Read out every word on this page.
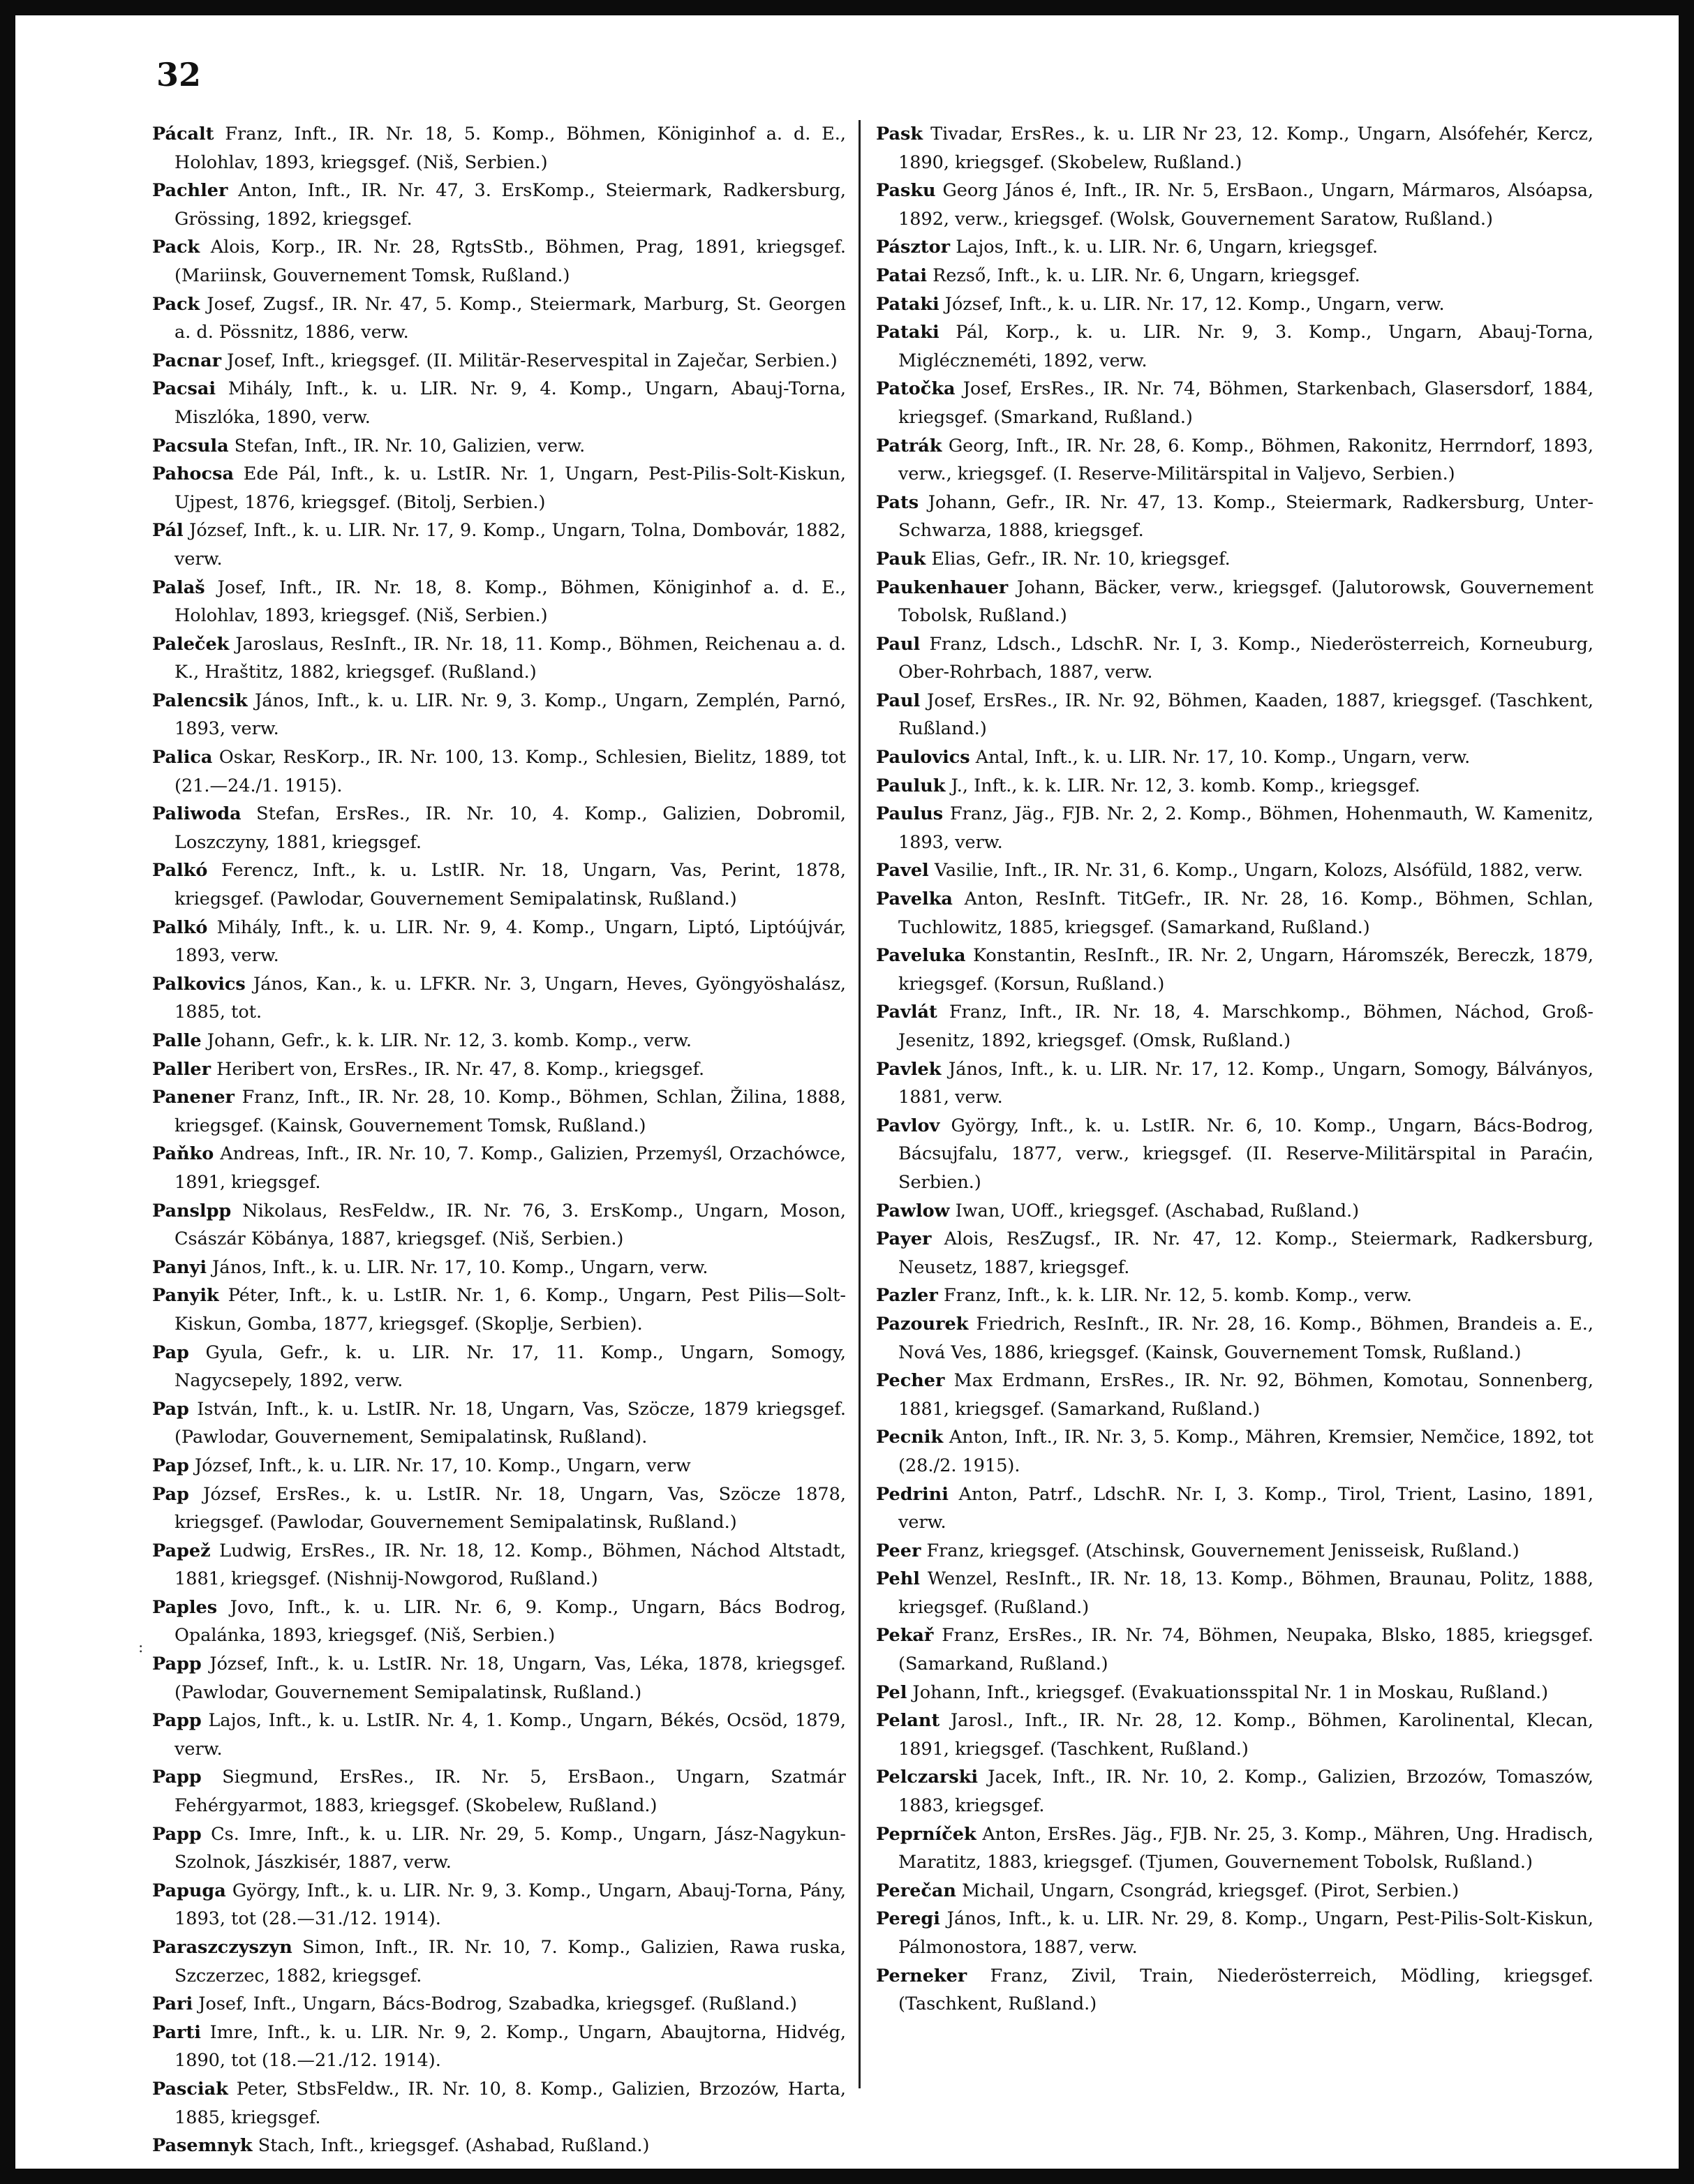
32
:

Pácalt Franz, Inft., IR. Nr. 18, 5. Komp., Böhmen, Königinhof a. d. E., Holohlav, 1893, kriegsgef. (Niš, Serbien.)

Pachler Anton, Inft., IR. Nr. 47, 3. ErsKomp., Steiermark, Radkersburg, Grössing, 1892, kriegsgef.

Pack Alois, Korp., IR. Nr. 28, RgtsStb., Böhmen, Prag, 1891, kriegsgef. (Mariinsk, Gouvernement Tomsk, Rußland.)

Pack Josef, Zugsf., IR. Nr. 47, 5. Komp., Steiermark, Marburg, St. Georgen a. d. Pössnitz, 1886, verw.

Pacnar Josef, Inft., kriegsgef. (II. Militär-Reservespital in Zaječar, Serbien.)

Pacsai Mihály, Inft., k. u. LIR. Nr. 9, 4. Komp., Ungarn, Abauj-Torna, Miszlóka, 1890, verw.

Pacsula Stefan, Inft., IR. Nr. 10, Galizien, verw.

Pahocsa Ede Pál, Inft., k. u. LstIR. Nr. 1, Ungarn, Pest-Pilis-Solt-Kiskun, Ujpest, 1876, kriegsgef. (Bitolj, Serbien.)

Pál József, Inft., k. u. LIR. Nr. 17, 9. Komp., Ungarn, Tolna, Dombovár, 1882, verw.

Palaš Josef, Inft., IR. Nr. 18, 8. Komp., Böhmen, Königinhof a. d. E., Holohlav, 1893, kriegsgef. (Niš, Serbien.)

Paleček Jaroslaus, ResInft., IR. Nr. 18, 11. Komp., Böhmen, Reichenau a. d. K., Hraštitz, 1882, kriegsgef. (Rußland.)

Palencsik János, Inft., k. u. LIR. Nr. 9, 3. Komp., Ungarn, Zemplén, Parnó, 1893, verw.

Palica Oskar, ResKorp., IR. Nr. 100, 13. Komp., Schlesien, Bielitz, 1889, tot (21.—24./1. 1915).

Paliwoda Stefan, ErsRes., IR. Nr. 10, 4. Komp., Galizien, Dobromil, Loszczyny, 1881, kriegsgef.

Palkó Ferencz, Inft., k. u. LstIR. Nr. 18, Ungarn, Vas, Perint, 1878, kriegsgef. (Pawlodar, Gouvernement Semipalatinsk, Rußland.)

Palkó Mihály, Inft., k. u. LIR. Nr. 9, 4. Komp., Ungarn, Liptó, Liptóújvár, 1893, verw.

Palkovics János, Kan., k. u. LFKR. Nr. 3, Ungarn, Heves, Gyöngyöshalász, 1885, tot.

Palle Johann, Gefr., k. k. LIR. Nr. 12, 3. komb. Komp., verw.

Paller Heribert von, ErsRes., IR. Nr. 47, 8. Komp., kriegsgef.

Panener Franz, Inft., IR. Nr. 28, 10. Komp., Böhmen, Schlan, Žilina, 1888, kriegsgef. (Kainsk, Gouvernement Tomsk, Rußland.)

Paňko Andreas, Inft., IR. Nr. 10, 7. Komp., Galizien, Przemyśl, Orzachówce, 1891, kriegsgef.

Panslpp Nikolaus, ResFeldw., IR. Nr. 76, 3. ErsKomp., Ungarn, Moson, Császár Köbánya, 1887, kriegsgef. (Niš, Serbien.)

Panyi János, Inft., k. u. LIR. Nr. 17, 10. Komp., Ungarn, verw.

Panyik Péter, Inft., k. u. LstIR. Nr. 1, 6. Komp., Ungarn, Pest Pilis—Solt-Kiskun, Gomba, 1877, kriegsgef. (Skoplje, Serbien).

Pap Gyula, Gefr., k. u. LIR. Nr. 17, 11. Komp., Ungarn, Somogy, Nagycsepely, 1892, verw.

Pap István, Inft., k. u. LstIR. Nr. 18, Ungarn, Vas, Szöcze, 1879 kriegsgef. (Pawlodar, Gouvernement, Semipalatinsk, Rußland).

Pap József, Inft., k. u. LIR. Nr. 17, 10. Komp., Ungarn, verw

Pap József, ErsRes., k. u. LstIR. Nr. 18, Ungarn, Vas, Szöcze 1878, kriegsgef. (Pawlodar, Gouvernement Semipalatinsk, Rußland.)

Papež Ludwig, ErsRes., IR. Nr. 18, 12. Komp., Böhmen, Náchod Altstadt, 1881, kriegsgef. (Nishnij-Nowgorod, Rußland.)

Paples Jovo, Inft., k. u. LIR. Nr. 6, 9. Komp., Ungarn, Bács Bodrog, Opalánka, 1893, kriegsgef. (Niš, Serbien.)

Papp József, Inft., k. u. LstIR. Nr. 18, Ungarn, Vas, Léka, 1878, kriegsgef. (Pawlodar, Gouvernement Semipalatinsk, Rußland.)

Papp Lajos, Inft., k. u. LstIR. Nr. 4, 1. Komp., Ungarn, Békés, Ocsöd, 1879, verw.

Papp Siegmund, ErsRes., IR. Nr. 5, ErsBaon., Ungarn, Szatmár Fehérgyarmot, 1883, kriegsgef. (Skobelew, Rußland.)

Papp Cs. Imre, Inft., k. u. LIR. Nr. 29, 5. Komp., Ungarn, Jász-Nagykun-Szolnok, Jászkisér, 1887, verw.

Papuga György, Inft., k. u. LIR. Nr. 9, 3. Komp., Ungarn, Abauj-Torna, Pány, 1893, tot (28.—31./12. 1914).

Paraszczyszyn Simon, Inft., IR. Nr. 10, 7. Komp., Galizien, Rawa ruska, Szczerzec, 1882, kriegsgef.

Pari Josef, Inft., Ungarn, Bács-Bodrog, Szabadka, kriegsgef. (Rußland.)

Parti Imre, Inft., k. u. LIR. Nr. 9, 2. Komp., Ungarn, Abaujtorna, Hidvég, 1890, tot (18.—21./12. 1914).

Pasciak Peter, StbsFeldw., IR. Nr. 10, 8. Komp., Galizien, Brzozów, Harta, 1885, kriegsgef.

Pasemnyk Stach, Inft., kriegsgef. (Ashabad, Rußland.)

Pask Tivadar, ErsRes., k. u. LIR Nr 23, 12. Komp., Ungarn, Alsófehér, Kercz, 1890, kriegsgef. (Skobelew, Rußland.)

Pasku Georg János é, Inft., IR. Nr. 5, ErsBaon., Ungarn, Mármaros, Alsóapsa, 1892, verw., kriegsgef. (Wolsk, Gouvernement Saratow, Rußland.)

Pásztor Lajos, Inft., k. u. LIR. Nr. 6, Ungarn, kriegsgef.

Patai Rezső, Inft., k. u. LIR. Nr. 6, Ungarn, kriegsgef.

Pataki József, Inft., k. u. LIR. Nr. 17, 12. Komp., Ungarn, verw.

Pataki Pál, Korp., k. u. LIR. Nr. 9, 3. Komp., Ungarn, Abauj-Torna, Migléczneméti, 1892, verw.

Patočka Josef, ErsRes., IR. Nr. 74, Böhmen, Starkenbach, Glasersdorf, 1884, kriegsgef. (Smarkand, Rußland.)

Patrák Georg, Inft., IR. Nr. 28, 6. Komp., Böhmen, Rakonitz, Herrndorf, 1893, verw., kriegsgef. (I. Reserve-Militärspital in Valjevo, Serbien.)

Pats Johann, Gefr., IR. Nr. 47, 13. Komp., Steiermark, Radkersburg, Unter-Schwarza, 1888, kriegsgef.

Pauk Elias, Gefr., IR. Nr. 10, kriegsgef.

Paukenhauer Johann, Bäcker, verw., kriegsgef. (Jalutorowsk, Gouvernement Tobolsk, Rußland.)

Paul Franz, Ldsch., LdschR. Nr. I, 3. Komp., Niederösterreich, Korneuburg, Ober-Rohrbach, 1887, verw.

Paul Josef, ErsRes., IR. Nr. 92, Böhmen, Kaaden, 1887, kriegsgef. (Taschkent, Rußland.)

Paulovics Antal, Inft., k. u. LIR. Nr. 17, 10. Komp., Ungarn, verw.

Pauluk J., Inft., k. k. LIR. Nr. 12, 3. komb. Komp., kriegsgef.

Paulus Franz, Jäg., FJB. Nr. 2, 2. Komp., Böhmen, Hohenmauth, W. Kamenitz, 1893, verw.

Pavel Vasilie, Inft., IR. Nr. 31, 6. Komp., Ungarn, Kolozs, Alsófüld, 1882, verw.

Pavelka Anton, ResInft. TitGefr., IR. Nr. 28, 16. Komp., Böhmen, Schlan, Tuchlowitz, 1885, kriegsgef. (Samarkand, Rußland.)

Paveluka Konstantin, ResInft., IR. Nr. 2, Ungarn, Háromszék, Bereczk, 1879, kriegsgef. (Korsun, Rußland.)

Pavlát Franz, Inft., IR. Nr. 18, 4. Marschkomp., Böhmen, Náchod, Groß-Jesenitz, 1892, kriegsgef. (Omsk, Rußland.)

Pavlek János, Inft., k. u. LIR. Nr. 17, 12. Komp., Ungarn, Somogy, Bálványos, 1881, verw.

Pavlov György, Inft., k. u. LstIR. Nr. 6, 10. Komp., Ungarn, Bács-Bodrog, Bácsujfalu, 1877, verw., kriegsgef. (II. Reserve-Militärspital in Paraćin, Serbien.)

Pawlow Iwan, UOff., kriegsgef. (Aschabad, Rußland.)

Payer Alois, ResZugsf., IR. Nr. 47, 12. Komp., Steiermark, Radkersburg, Neusetz, 1887, kriegsgef.

Pazler Franz, Inft., k. k. LIR. Nr. 12, 5. komb. Komp., verw.

Pazourek Friedrich, ResInft., IR. Nr. 28, 16. Komp., Böhmen, Brandeis a. E., Nová Ves, 1886, kriegsgef. (Kainsk, Gouvernement Tomsk, Rußland.)

Pecher Max Erdmann, ErsRes., IR. Nr. 92, Böhmen, Komotau, Sonnenberg, 1881, kriegsgef. (Samarkand, Rußland.)

Pecnik Anton, Inft., IR. Nr. 3, 5. Komp., Mähren, Kremsier, Nemčice, 1892, tot (28./2. 1915).

Pedrini Anton, Patrf., LdschR. Nr. I, 3. Komp., Tirol, Trient, Lasino, 1891, verw.

Peer Franz, kriegsgef. (Atschinsk, Gouvernement Jenisseisk, Rußland.)

Pehl Wenzel, ResInft., IR. Nr. 18, 13. Komp., Böhmen, Braunau, Politz, 1888, kriegsgef. (Rußland.)

Pekař Franz, ErsRes., IR. Nr. 74, Böhmen, Neupaka, Blsko, 1885, kriegsgef. (Samarkand, Rußland.)

Pel Johann, Inft., kriegsgef. (Evakuationsspital Nr. 1 in Moskau, Rußland.)

Pelant Jarosl., Inft., IR. Nr. 28, 12. Komp., Böhmen, Karolinental, Klecan, 1891, kriegsgef. (Taschkent, Rußland.)

Pelczarski Jacek, Inft., IR. Nr. 10, 2. Komp., Galizien, Brzozów, Tomaszów, 1883, kriegsgef.

Peprníček Anton, ErsRes. Jäg., FJB. Nr. 25, 3. Komp., Mähren, Ung. Hradisch, Maratitz, 1883, kriegsgef. (Tjumen, Gouvernement Tobolsk, Rußland.)

Perečan Michail, Ungarn, Csongrád, kriegsgef. (Pirot, Serbien.)

Peregi János, Inft., k. u. LIR. Nr. 29, 8. Komp., Ungarn, Pest-Pilis-Solt-Kiskun, Pálmonostora, 1887, verw.

Perneker Franz, Zivil, Train, Niederösterreich, Mödling, kriegsgef. (Taschkent, Rußland.)
